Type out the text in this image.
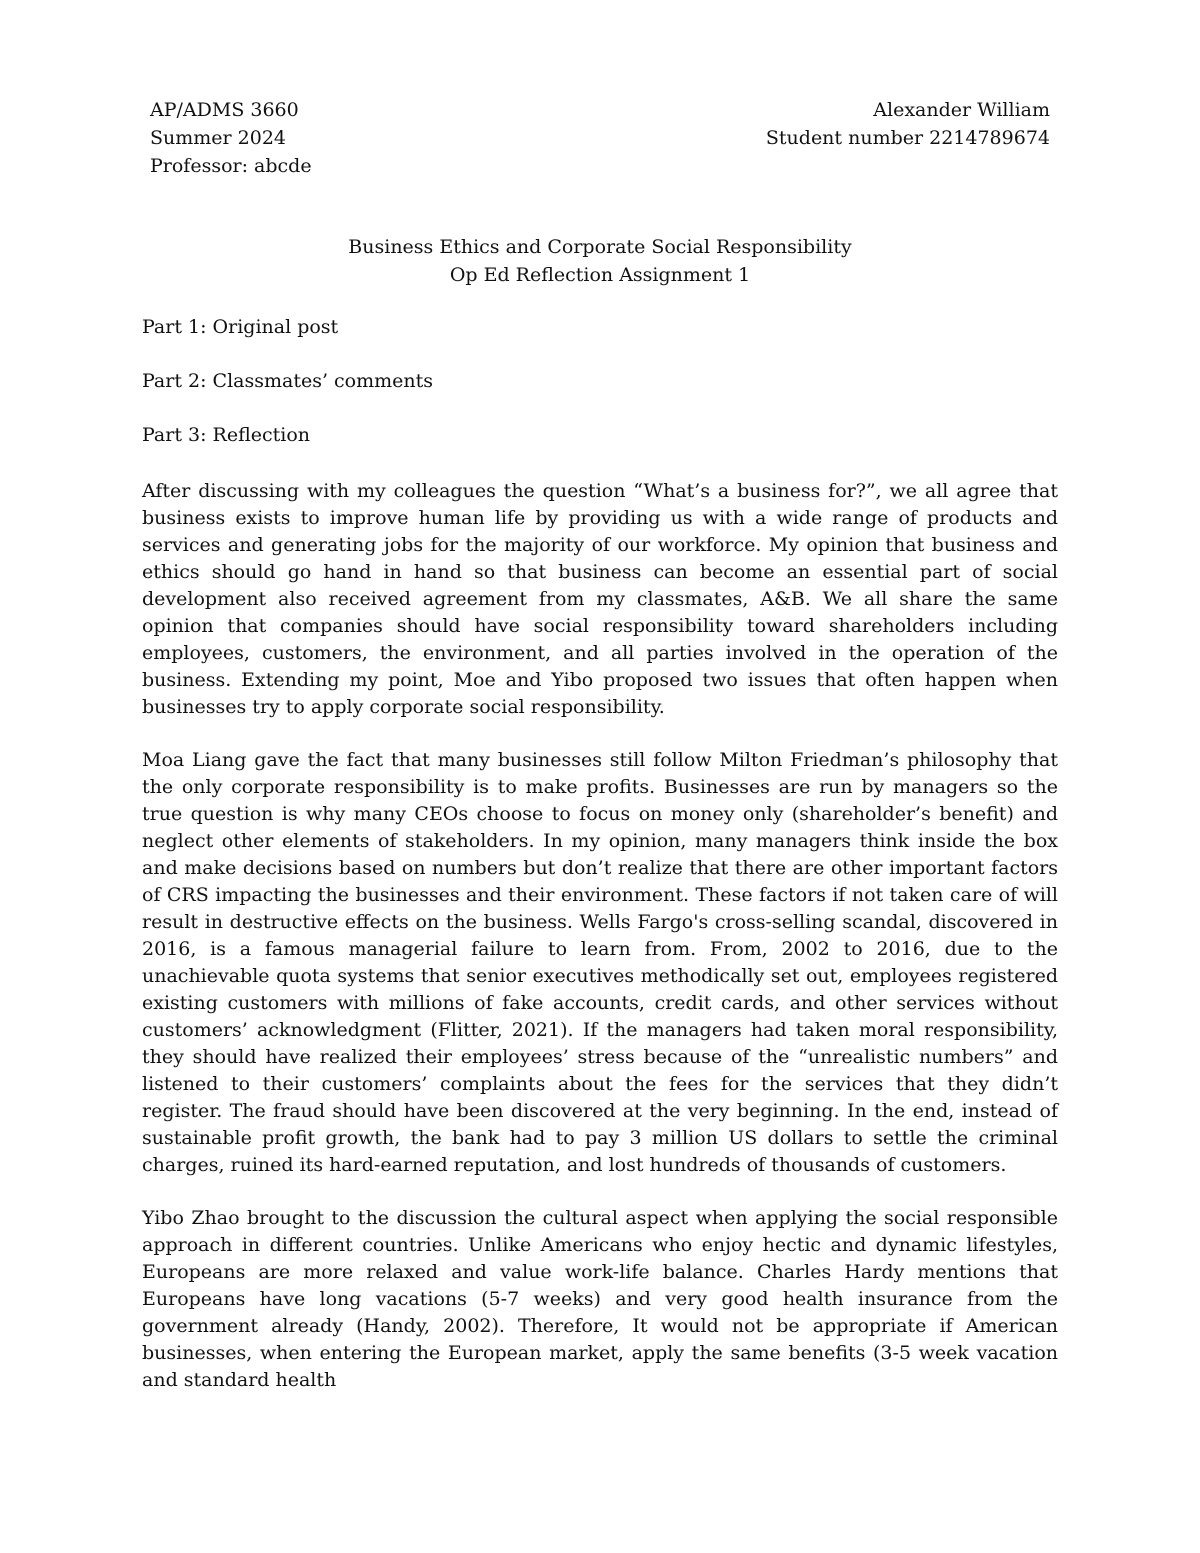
AP/ADMS 3660
Summer 2024
Professor: abcde
Alexander William
Student number 2214789674
Business Ethics and Corporate Social Responsibility
Op Ed Reflection Assignment 1
Part 1: Original post
Part 2: Classmates’ comments
Part 3: Reflection

After discussing with my colleagues the question “What’s a business for?”, we all agree that business exists to improve human life by providing us with a wide range of products and services and generating jobs for the majority of our workforce. My opinion that business and ethics should go hand in hand so that business can become an essential part of social development also received agreement from my classmates, A&B. We all share the same opinion that companies should have social responsibility toward shareholders including employees, customers, the environment, and all parties involved in the operation of the business. Extending my point, Moe and Yibo proposed two issues that often happen when businesses try to apply corporate social responsibility.

Moa Liang gave the fact that many businesses still follow Milton Friedman’s philosophy that the only corporate responsibility is to make profits. Businesses are run by managers so the true question is why many CEOs choose to focus on money only (shareholder’s benefit) and neglect other elements of stakeholders. In my opinion, many managers think inside the box and make decisions based on numbers but don’t realize that there are other important factors of CRS impacting the businesses and their environment. These factors if not taken care of will result in destructive effects on the business. Wells Fargo's cross-selling scandal, discovered in 2016, is a famous managerial failure to learn from. From, 2002 to 2016, due to the unachievable quota systems that senior executives methodically set out, employees registered existing customers with millions of fake accounts, credit cards, and other services without customers’ acknowledgment (Flitter, 2021). If the managers had taken moral responsibility, they should have realized their employees’ stress because of the “unrealistic numbers” and listened to their customers’ complaints about the fees for the services that they didn’t register. The fraud should have been discovered at the very beginning. In the end, instead of sustainable profit growth, the bank had to pay 3 million US dollars to settle the criminal charges, ruined its hard-earned reputation, and lost hundreds of thousands of customers.

Yibo Zhao brought to the discussion the cultural aspect when applying the social responsible approach in different countries. Unlike Americans who enjoy hectic and dynamic lifestyles, Europeans are more relaxed and value work-life balance. Charles Hardy mentions that Europeans have long vacations (5-7 weeks) and very good health insurance from the government already (Handy, 2002). Therefore, It would not be appropriate if American businesses, when entering the European market, apply the same benefits (3-5 week vacation and standard health
